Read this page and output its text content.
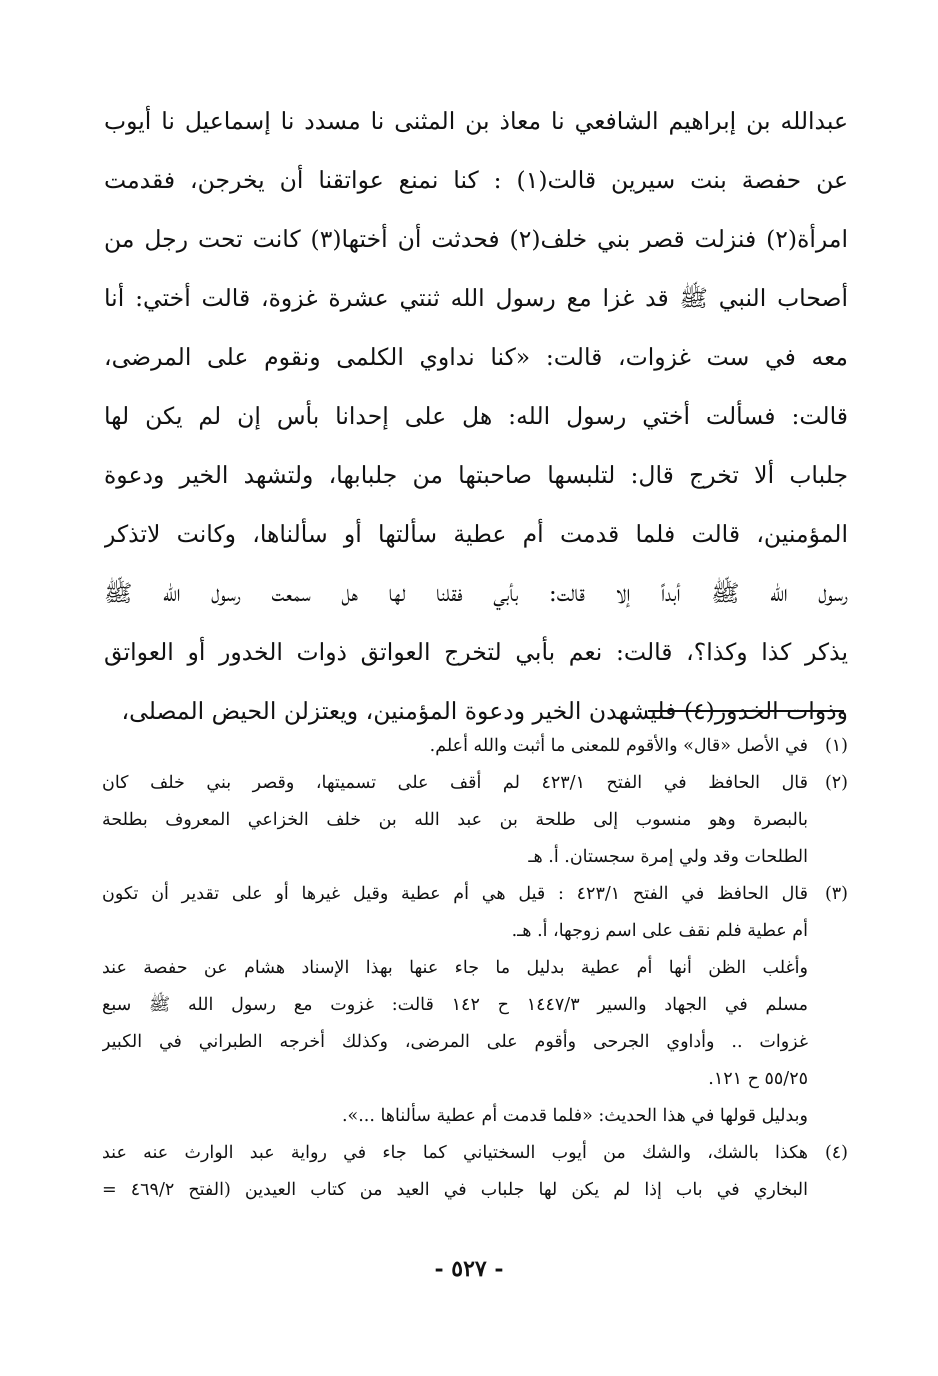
عبدالله بن إبراهيم الشافعي نا معاذ بن المثنى نا مسدد نا إسماعيل نا أيوب
عن حفصة بنت سيرين قالت(١) : كنا نمنع عواتقنا أن يخرجن، فقدمت
امرأة(٢) فنزلت قصر بني خلف(٢) فحدثت أن أختها(٣) كانت تحت رجل من
أصحاب النبي ﷺ قد غزا مع رسول الله ثنتي عشرة غزوة، قالت أختي: أنا
معه في ست غزوات، قالت: «كنا نداوي الكلمى ونقوم على المرضى،
قالت: فسألت أختي رسول الله: هل على إحدانا بأس إن لم يكن لها
جلباب ألا تخرج قال: لتلبسها صاحبتها من جلبابها، ولتشهد الخير ودعوة
المؤمنين، قالت فلما قدمت أم عطية سألتها أو سألناها، وكانت لاتذكر
رسول الله ﷺ أبداً إلا قالت: بأبي فقلنا لها هل سمعت رسول الله ﷺ
يذكر كذا وكذا؟، قالت: نعم بأبي لتخرج العواتق ذوات الخدور أو العواتق
وذوات الخدور(٤) فليشهدن الخير ودعوة المؤمنين، ويعتزلن الحيض المصلى،
(١)في الأصل «قال» والأقوم للمعنى ما أثبت والله أعلم.
(٢)قال الحافظ في الفتح ٤٢٣/١ لم أقف على تسميتها، وقصر بني خلف كان
بالبصرة وهو منسوب إلى طلحة بن عبد الله بن خلف الخزاعي المعروف بطلحة
الطلحات وقد ولي إمرة سجستان. أ. هـ
(٣)قال الحافظ في الفتح ٤٢٣/١ : قيل هي أم عطية وقيل غيرها أو على تقدير أن تكون
أم عطية فلم نقف على اسم زوجها، أ. هـ.
وأغلب الظن أنها أم عطية بدليل ما جاء عنها بهذا الإسناد هشام عن حفصة عند
مسلم في الجهاد والسير ١٤٤٧/٣ ح ١٤٢ قالت: غزوت مع رسول الله ﷺ سبع
غزوات .. وأداوي الجرحى وأقوم على المرضى، وكذلك أخرجه الطبراني في الكبير
٥٥/٢٥ ح ١٢١.
وبدليل قولها في هذا الحديث: «فلما قدمت أم عطية سألناها ...».
(٤)هكذا بالشك، والشك من أيوب السختياني كما جاء في رواية عبد الوارث عنه عند
البخاري في باب إذا لم يكن لها جلباب في العيد من كتاب العيدين (الفتح ٤٦٩/٢ =
- ٥٢٧ -
